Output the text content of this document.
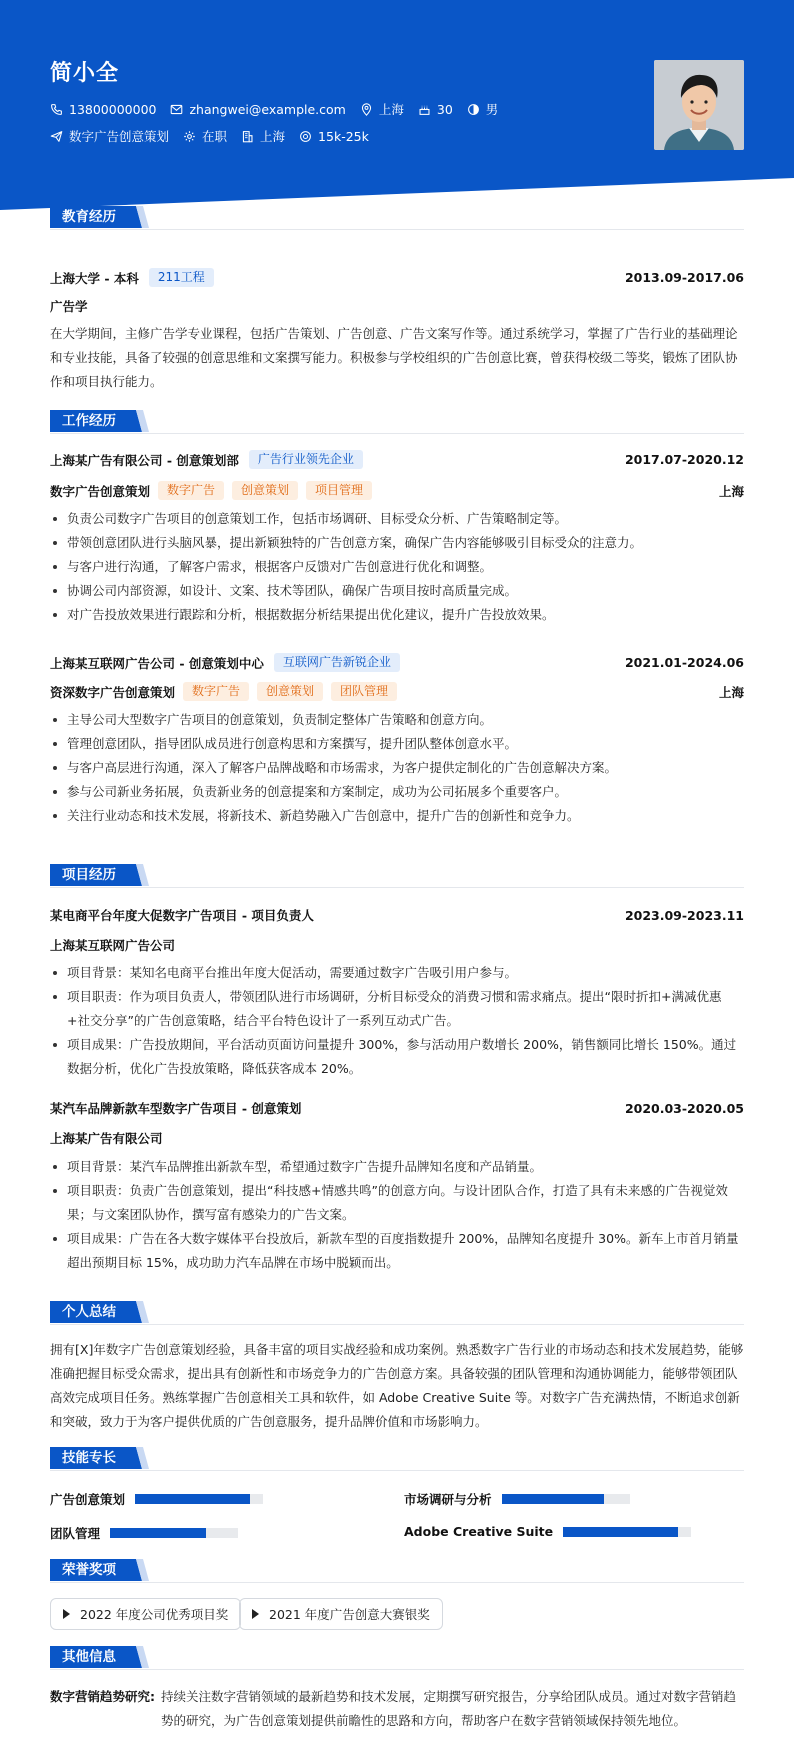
简小全
13800000000	zhangwei@example.com	上海	30	男
数字广告创意策划	在职	上海	15k-25k
教育经历
上海大学 - 本科	211工程	2013.09-2017.06
广告学
在大学期间，主修广告学专业课程，包括广告策划、广告创意、广告文案写作等。通过系统学习，掌握了广告行业的基础理论和专业技能，具备了较强的创意思维和文案撰写能力。积极参与学校组织的广告创意比赛，曾获得校级二等奖，锻炼了团队协作和项目执行能力。
工作经历
上海某广告有限公司 - 创意策划部	广告行业领先企业	2017.07-2020.12
数字广告创意策划	数字广告	创意策划	项目管理	上海
负责公司数字广告项目的创意策划工作，包括市场调研、目标受众分析、广告策略制定等。
带领创意团队进行头脑风暴，提出新颖独特的广告创意方案，确保广告内容能够吸引目标受众的注意力。
与客户进行沟通，了解客户需求，根据客户反馈对广告创意进行优化和调整。
协调公司内部资源，如设计、文案、技术等团队，确保广告项目按时高质量完成。
对广告投放效果进行跟踪和分析，根据数据分析结果提出优化建议，提升广告投放效果。
上海某互联网广告公司 - 创意策划中心	互联网广告新锐企业	2021.01-2024.06
资深数字广告创意策划	数字广告	创意策划	团队管理	上海
主导公司大型数字广告项目的创意策划，负责制定整体广告策略和创意方向。
管理创意团队，指导团队成员进行创意构思和方案撰写，提升团队整体创意水平。
与客户高层进行沟通，深入了解客户品牌战略和市场需求，为客户提供定制化的广告创意解决方案。
参与公司新业务拓展，负责新业务的创意提案和方案制定，成功为公司拓展多个重要客户。
关注行业动态和技术发展，将新技术、新趋势融入广告创意中，提升广告的创新性和竞争力。
项目经历
某电商平台年度大促数字广告项目 - 项目负责人	2023.09-2023.11
上海某互联网广告公司
项目背景：某知名电商平台推出年度大促活动，需要通过数字广告吸引用户参与。
项目职责：作为项目负责人，带领团队进行市场调研，分析目标受众的消费习惯和需求痛点。提出“限时折扣+满减优惠+社交分享”的广告创意策略，结合平台特色设计了一系列互动式广告。
项目成果：广告投放期间，平台活动页面访问量提升 300%，参与活动用户数增长 200%，销售额同比增长 150%。通过数据分析，优化广告投放策略，降低获客成本 20%。
某汽车品牌新款车型数字广告项目 - 创意策划	2020.03-2020.05
上海某广告有限公司
项目背景：某汽车品牌推出新款车型，希望通过数字广告提升品牌知名度和产品销量。
项目职责：负责广告创意策划，提出“科技感+情感共鸣”的创意方向。与设计团队合作，打造了具有未来感的广告视觉效果；与文案团队协作，撰写富有感染力的广告文案。
项目成果：广告在各大数字媒体平台投放后，新款车型的百度指数提升 200%，品牌知名度提升 30%。新车上市首月销量超出预期目标 15%，成功助力汽车品牌在市场中脱颖而出。
个人总结
拥有[X]年数字广告创意策划经验，具备丰富的项目实战经验和成功案例。熟悉数字广告行业的市场动态和技术发展趋势，能够准确把握目标受众需求，提出具有创新性和市场竞争力的广告创意方案。具备较强的团队管理和沟通协调能力，能够带领团队高效完成项目任务。熟练掌握广告创意相关工具和软件，如 Adobe Creative Suite 等。对数字广告充满热情，不断追求创新和突破，致力于为客户提供优质的广告创意服务，提升品牌价值和市场影响力。
技能专长
广告创意策划	市场调研与分析
团队管理	Adobe Creative Suite
荣誉奖项
2022 年度公司优秀项目奖	2021 年度广告创意大赛银奖
其他信息
数字营销趋势研究: 持续关注数字营销领域的最新趋势和技术发展，定期撰写研究报告，分享给团队成员。通过对数字营销趋势的研究，为广告创意策划提供前瞻性的思路和方向，帮助客户在数字营销领域保持领先地位。
